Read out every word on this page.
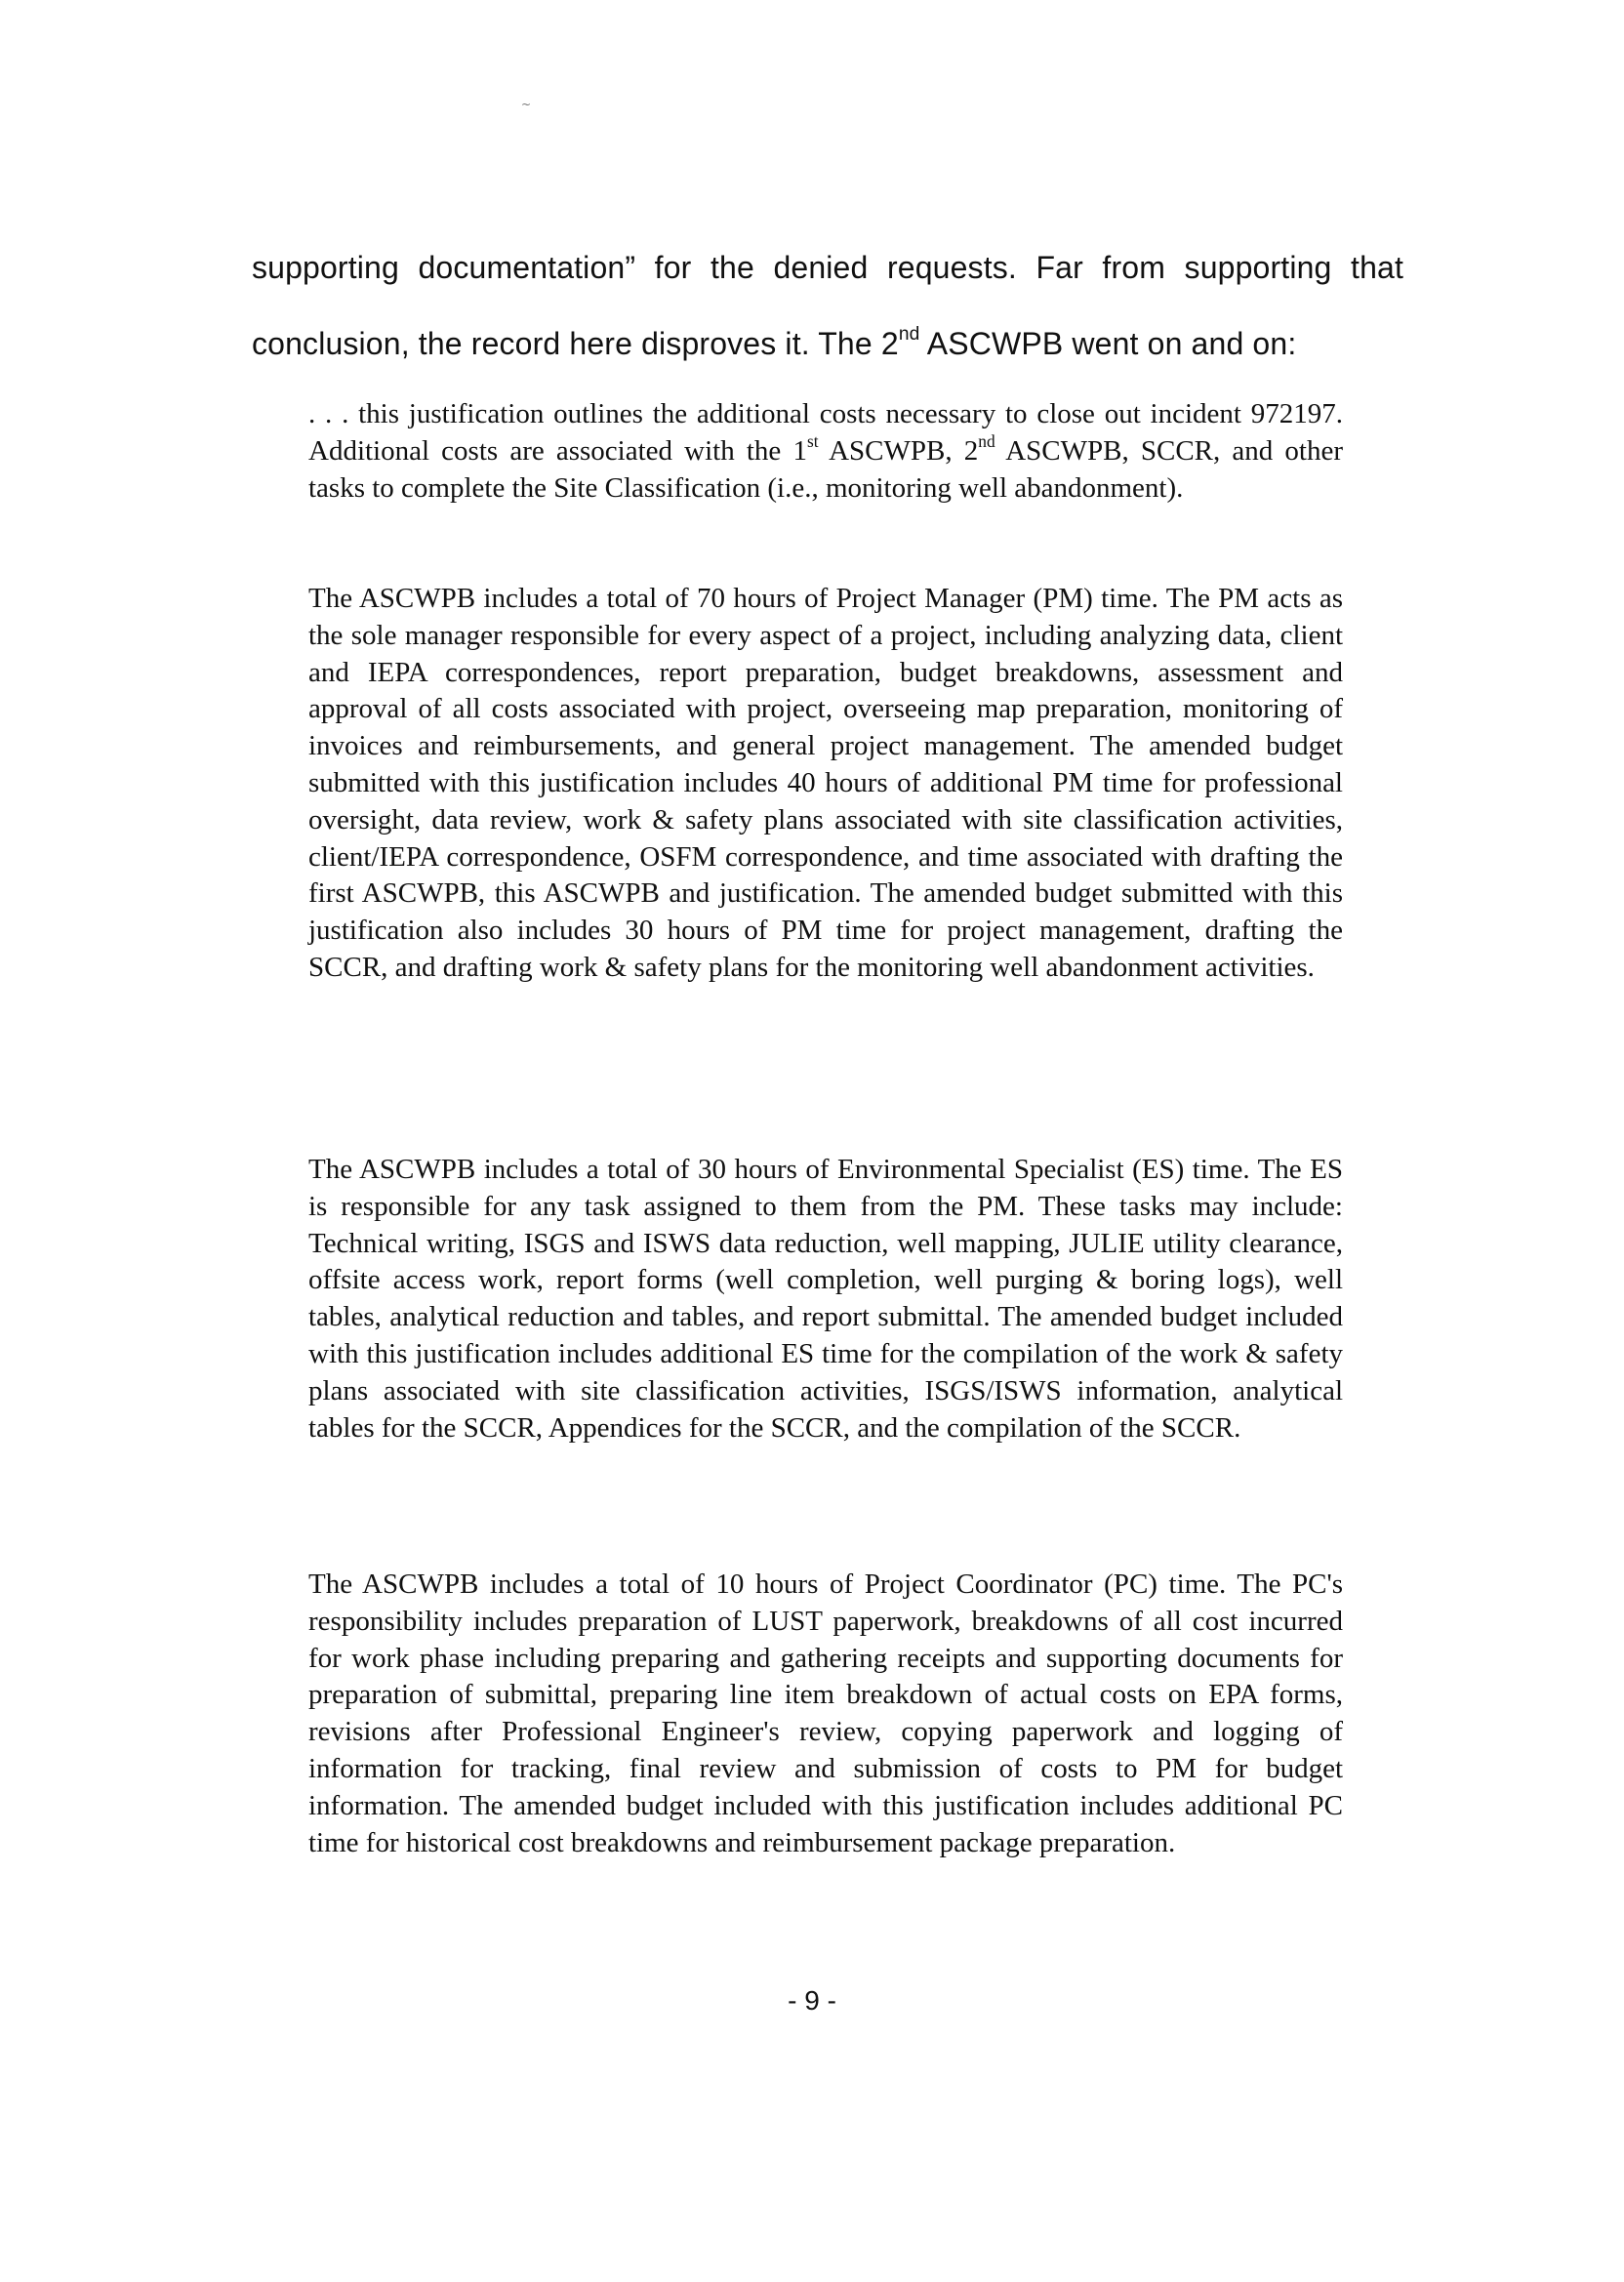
~
supporting documentation” for the denied requests. Far from supporting that
conclusion, the record here disproves it. The 2nd ASCWPB went on and on:

. . . this justification outlines the additional costs necessary to close out incident 972197. Additional costs are associated with the 1st ASCWPB, 2nd ASCWPB, SCCR, and other tasks to complete the Site Classification (i.e., monitoring well abandonment).

The ASCWPB includes a total of 70 hours of Project Manager (PM) time. The PM acts as the sole manager responsible for every aspect of a project, including analyzing data, client and IEPA correspondences, report preparation, budget breakdowns, assessment and approval of all costs associated with project, overseeing map preparation, monitoring of invoices and reimbursements, and general project management. The amended budget submitted with this justification includes 40 hours of additional PM time for professional oversight, data review, work & safety plans associated with site classification activities, client/IEPA correspondence, OSFM correspondence, and time associated with drafting the first ASCWPB, this ASCWPB and justification. The amended budget submitted with this justification also includes 30 hours of PM time for project management, drafting the SCCR, and drafting work & safety plans for the monitoring well abandonment activities.

The ASCWPB includes a total of 30 hours of Environmental Specialist (ES) time. The ES is responsible for any task assigned to them from the PM. These tasks may include: Technical writing, ISGS and ISWS data reduction, well mapping, JULIE utility clearance, offsite access work, report forms (well completion, well purging & boring logs), well tables, analytical reduction and tables, and report submittal. The amended budget included with this justification includes additional ES time for the compilation of the work & safety plans associated with site classification activities, ISGS/ISWS information, analytical tables for the SCCR, Appendices for the SCCR, and the compilation of the SCCR.

The ASCWPB includes a total of 10 hours of Project Coordinator (PC) time. The PC's responsibility includes preparation of LUST paperwork, breakdowns of all cost incurred for work phase including preparing and gathering receipts and supporting documents for preparation of submittal, preparing line item breakdown of actual costs on EPA forms, revisions after Professional Engineer's review, copying paperwork and logging of information for tracking, final review and submission of costs to PM for budget information. The amended budget included with this justification includes additional PC time for historical cost breakdowns and reimbursement package preparation.

- 9 -
